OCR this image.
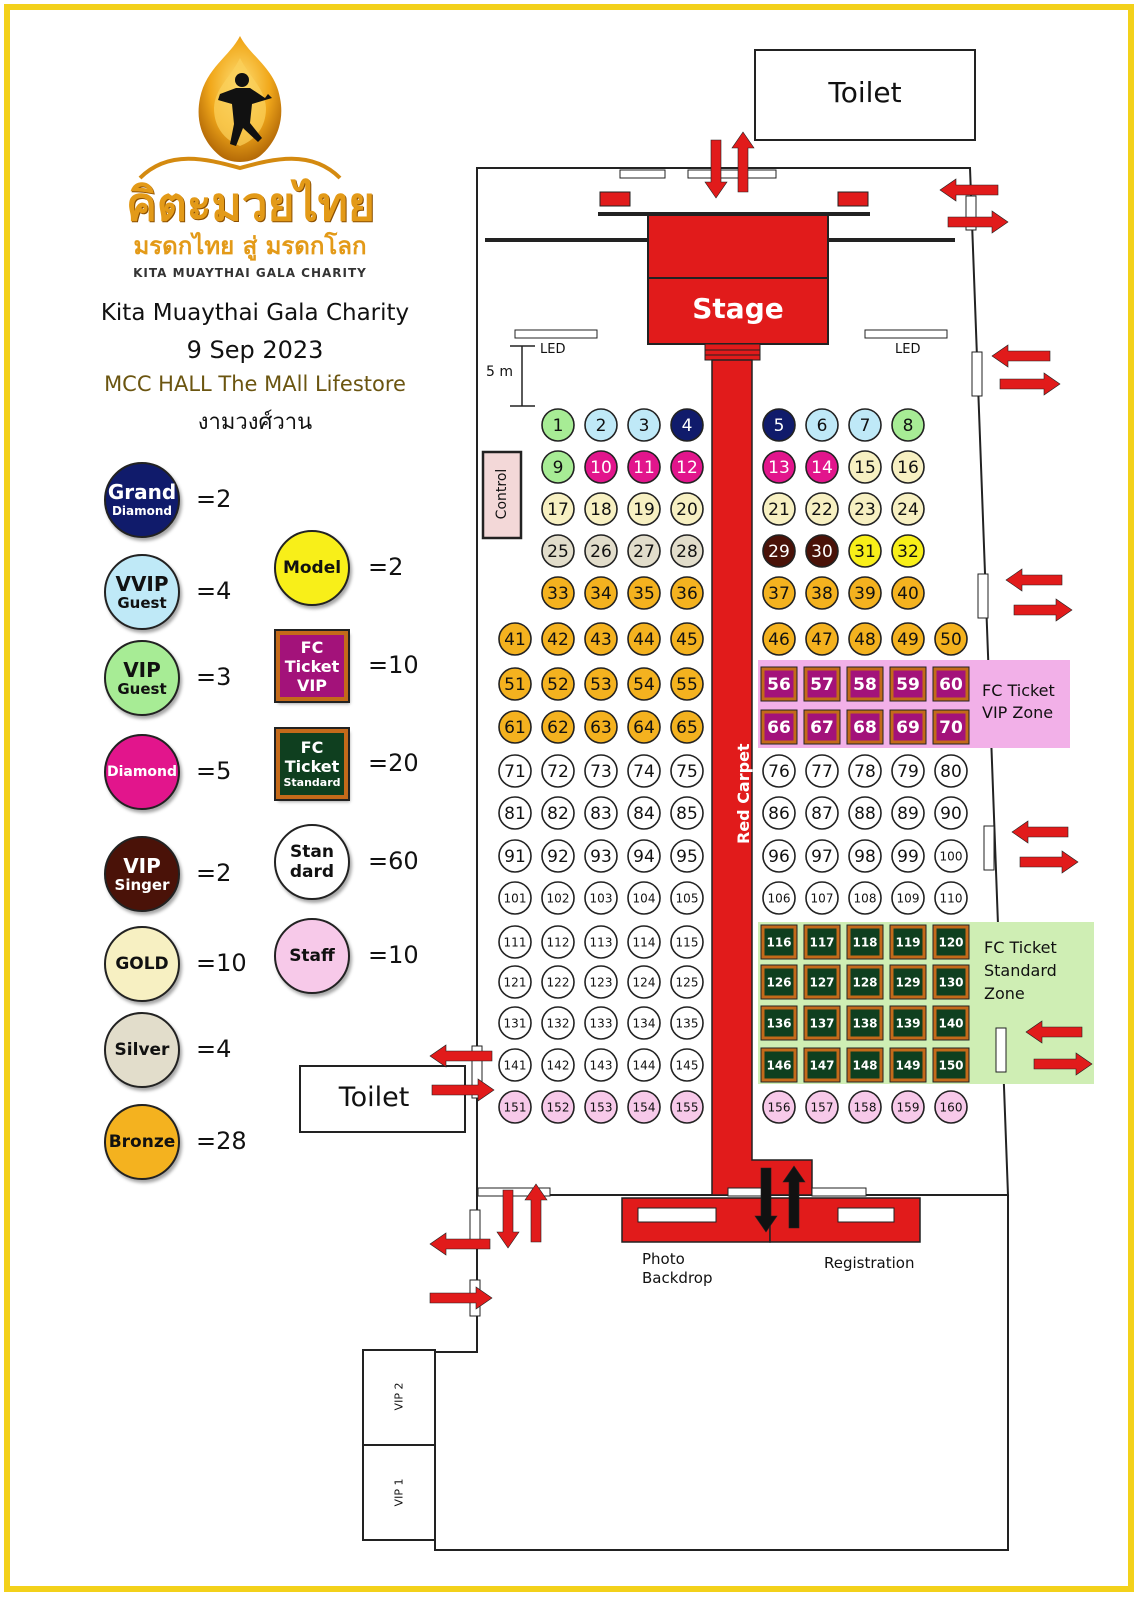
คิตะมวยไทย
มรดกไทย สู่ มรดกโลก
KITA MUAYTHAI GALA CHARITY
Kita Muaythai Gala Charity
9 Sep 2023
MCC HALL The MAll Lifestore
งามวงศ์วาน
Grand
Diamond =2
VVIP
Guest =4
VIP
Guest =3
Diamond =5
VIP
Singer =2
GOLD =10
Silver =4
Bronze =28
Model =2
FC
Ticket
VIP
=10
FC
Ticket
Standard
=20
Stan
dard =60
Staff =10
1 2 3 4	5 6 7 8
9 10 11 12	13 14 15 16
17 18 19 20	21 22 23 24
25 26 27 28	29 30 31 32
33 34 35 36	37 38 39 40
41 42 43 44 45	46 47 48 49 50
51 52 53 54 55	56 57 58 59 60
61 62 63 64 65	66 67 68 69 70
71 72 73 74 75	76 77 78 79 80
81 82 83 84 85	86 87 88 89 90
91 92 93 94 95	96 97 98 99 100
101 102 103 104 105	106 107 108 109 110
111 112 113 114 115	116 117 118 119 120
121 122 123 124 125	126 127 128 129 130
131 132 133 134 135	136 137 138 139 140
141 142 143 144 145	146 147 148 149 150
151 152 153 154 155	156 157 158 159 160
Toilet
Toilet
Stage
LED	LED
5 m
Control
Red Carpet
FC Ticket
VIP Zone
FC Ticket
Standard
Zone
Photo
Backdrop
Registration
VIP 2
VIP 1
